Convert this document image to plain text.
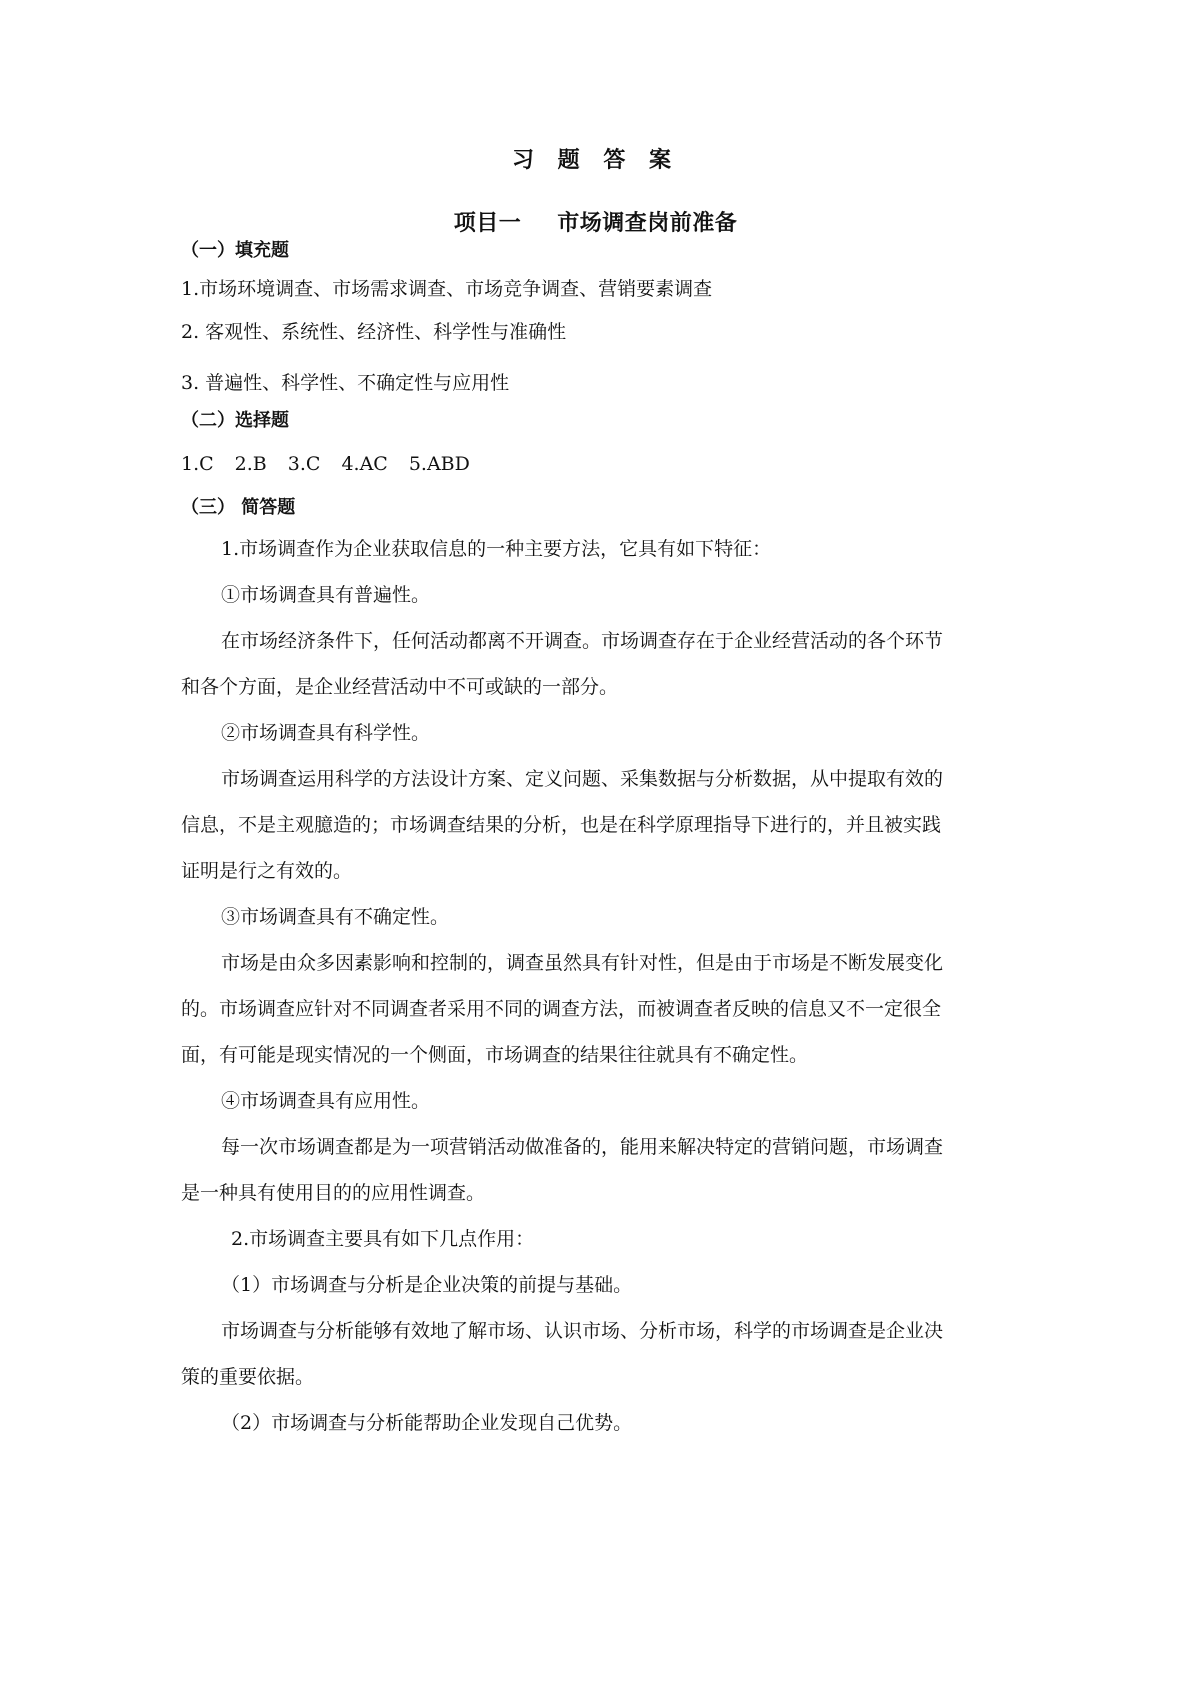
习 题 答 案
项目一 市场调查岗前准备
（一）填充题
1.市场环境调查、市场需求调查、市场竞争调查、营销要素调查
2. 客观性、系统性、经济性、科学性与准确性
3. 普遍性、科学性、不确定性与应用性
（二）选择题
1.C 2.B 3.C 4.AC 5.ABD
（三） 简答题
1.市场调查作为企业获取信息的一种主要方法，它具有如下特征：
①市场调查具有普遍性。
在市场经济条件下，任何活动都离不开调查。市场调查存在于企业经营活动的各个环节
和各个方面，是企业经营活动中不可或缺的一部分。
②市场调查具有科学性。
市场调查运用科学的方法设计方案、定义问题、采集数据与分析数据，从中提取有效的
信息，不是主观臆造的；市场调查结果的分析，也是在科学原理指导下进行的，并且被实践
证明是行之有效的。
③市场调查具有不确定性。
市场是由众多因素影响和控制的，调查虽然具有针对性，但是由于市场是不断发展变化
的。市场调查应针对不同调查者采用不同的调查方法，而被调查者反映的信息又不一定很全
面，有可能是现实情况的一个侧面，市场调查的结果往往就具有不确定性。
④市场调查具有应用性。
每一次市场调查都是为一项营销活动做准备的，能用来解决特定的营销问题，市场调查
是一种具有使用目的的应用性调查。
2.市场调查主要具有如下几点作用：
（1）市场调查与分析是企业决策的前提与基础。
市场调查与分析能够有效地了解市场、认识市场、分析市场，科学的市场调查是企业决
策的重要依据。
（2）市场调查与分析能帮助企业发现自己优势。
